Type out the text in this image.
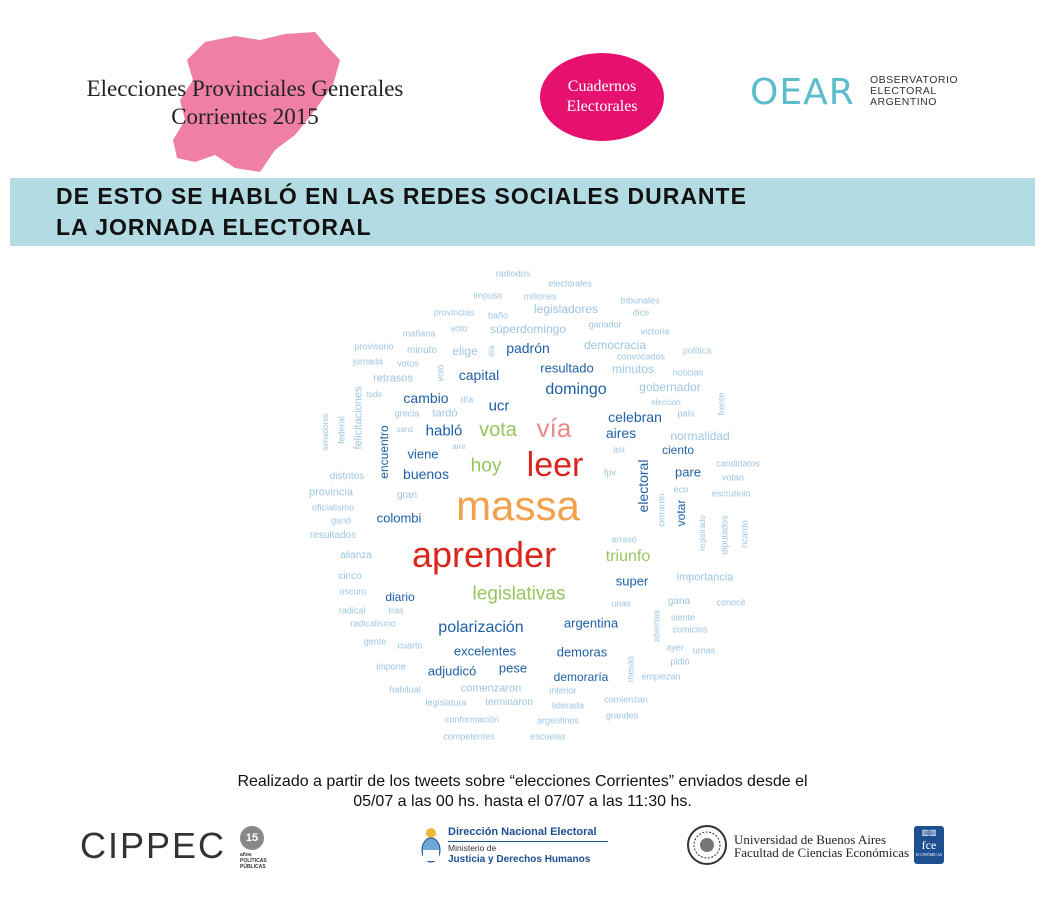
Elecciones Provinciales Generales
Corrientes 2015
Cuadernos
Electorales	OEAR OBSERVATORIO
ELECTORAL
ARGENTINO
DE ESTO SE HABLÓ EN LAS REDES SOCIALES DURANTE
LA JORNADA ELECTORAL
radiodos
electorales
impuso millones	tribunales
provincias baño legisladores	dice
mañana voto súperdomingo ganador
victoria
provisorio minuto elige día padrón	democracia	política
jornada votos
votó
convocados
resultado minutos noticias
retrasos	capital
felicitaciones	gobernador
domingo
todo cambio día	elección	frente
ucr
grecia tardó	celebran país
senadores federal	sanz habló vota vía aires	normalidad
encuentro viene aire	así	ciento
hoy leer	candidatos
distritos	buenos	fpv electoral pare votan
provincia	gran massa	cerraron
eco	escrutinio
oficialismo
colombi	votar
registrado diputados ricardo
ganó
resultados	arrasó
aprender	triunfo
alianza
cinco	importancia
super
oscuro diario	legislativas	gana	conocé
radical	tras
unas
abiertas siente
radicalismo	polarización	argentina	comicios
gente cuarto excelentes	demoras	ayer urnas
impone adjudicó pese	mesas	pidió
demoraría	empiezan
habitual	comenzaron	interior
legislatura terminaron liderada
comienzan
conformación	argentinos	grandes
competentes	escuelas
Realizado a partir de los tweets sobre “elecciones Corrientes” enviados desde el
05/07 a las 00 hs. hasta el 07/07 a las 11:30 hs.
CIPPEC 15
años
POLÍTICAS
PÚBLICAS
Dirección Nacional Electoral
Ministerio de
Justicia y Derechos Humanos
Universidad de Buenos Aires
Facultad de Ciencias Económicas
▥▥
fce
ECONÓMICAS
